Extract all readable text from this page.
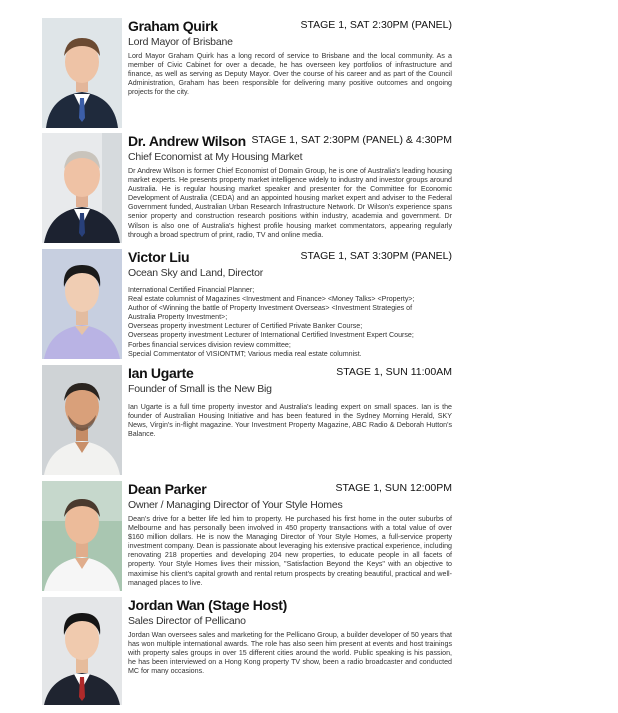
Graham Quirk	STAGE 1, SAT 2:30PM (PANEL)
Lord Mayor of Brisbane

Lord Mayor Graham Quirk has a long record of service to Brisbane and the local community. As a member of Civic Cabinet for over a decade, he has overseen key portfolios of infrastructure and finance, as well as serving as Deputy Mayor. Over the course of his career and as part of the Council Administration, Graham has been responsible for delivering many positive outcomes and ongoing projects for the city.

Dr. Andrew Wilson STAGE 1, SAT 2:30PM (PANEL) & 4:30PM
Chief Economist at My Housing Market

Dr Andrew Wilson is former Chief Economist of Domain Group, he is one of Australia's leading housing market experts. He presents property market intelligence widely to industry and investor groups around Australia. He is regular housing market speaker and presenter for the Committee for Economic Development of Australia (CEDA) and an appointed housing market expert and adviser to the Federal Government funded, Australian Urban Research Infrastructure Network. Dr Wilson's experience spans senior property and construction research positions within industry, academia and government. Dr Wilson is also one of Australia's highest profile housing market commentators, appearing regularly through a broad spectrum of print, radio, TV and online media.

Victor Liu	STAGE 1, SAT 3:30PM (PANEL)
Ocean Sky and Land, Director
International Certified Financial Planner;
Real estate columnist of Magazines <Investment and Finance> <Money Talks> <Property>;
Author of <Winning the battle of Property Investment Overseas> <Investment Strategies of
Australia Property Investment>;
Overseas property investment Lecturer of Certified Private Banker Course;
Overseas property investment Lecturer of International Certified Investment Expert Course;
Forbes financial services division review committee;
Special Commentator of VISIONTMT; Various media real estate columnist.
Ian Ugarte	STAGE 1, SUN 11:00AM
Founder of Small is the New Big

Ian Ugarte is a full time property investor and Australia's leading expert on small spaces. Ian is the founder of Australian Housing Initiative and has been featured in the Sydney Morning Herald, SKY News, Virgin's in-flight magazine. Your Investment Property Magazine, ABC Radio & Deborah Hutton's Balance.

Dean Parker	STAGE 1, SUN 12:00PM
Owner / Managing Director of Your Style Homes

Dean's drive for a better life led him to property. He purchased his first home in the outer suburbs of Melbourne and has personally been involved in 450 property transactions with a total value of over $160 million dollars. He is now the Managing Director of Your Style Homes, a full-service property investment company. Dean is passionate about leveraging his extensive practical experience, including renovating 218 properties and developing 204 new properties, to educate people in all facets of property. Your Style Homes lives their mission, "Satisfaction Beyond the Keys" with an objective to maximise his client's capital growth and rental return prospects by creating beautiful, practical and well-managed places to live.

Jordan Wan (Stage Host)
Sales Director of Pellicano

Jordan Wan oversees sales and marketing for the Pellicano Group, a builder developer of 50 years that has won multiple international awards. The role has also seen him present at events and host trainings with property sales groups in over 15 different cities around the world. Public speaking is his passion, he has been interviewed on a Hong Kong property TV show, been a radio broadcaster and conducted MC for many occasions.
